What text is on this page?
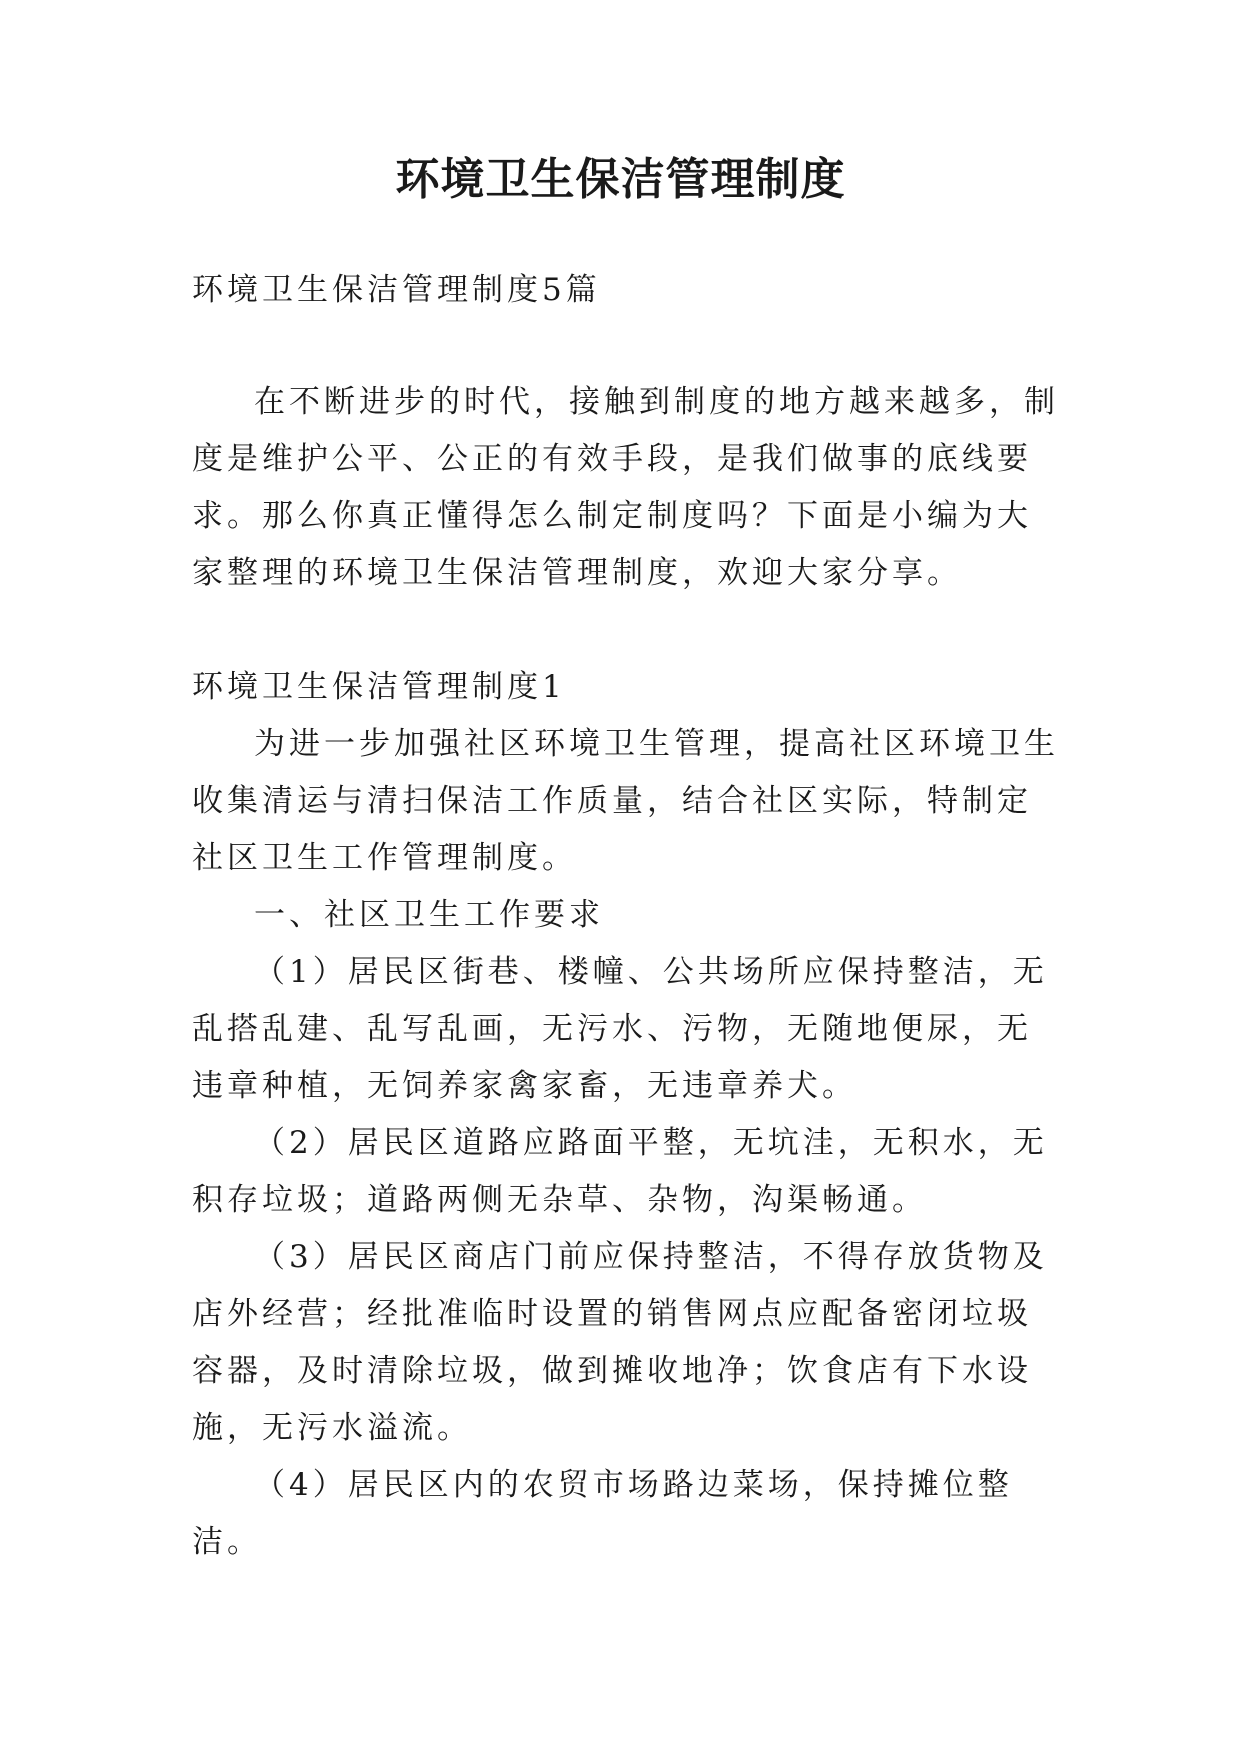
环境卫生保洁管理制度

环境卫生保洁管理制度5篇

在不断进步的时代，接触到制度的地方越来越多，制度是维护公平、公正的有效手段，是我们做事的底线要求。那么你真正懂得怎么制定制度吗？下面是小编为大家整理的环境卫生保洁管理制度，欢迎大家分享。

环境卫生保洁管理制度1

为进一步加强社区环境卫生管理，提高社区环境卫生收集清运与清扫保洁工作质量，结合社区实际，特制定社区卫生工作管理制度。

一、社区卫生工作要求

（1）居民区街巷、楼幢、公共场所应保持整洁，无乱搭乱建、乱写乱画，无污水、污物，无随地便尿，无违章种植，无饲养家禽家畜，无违章养犬。

（2）居民区道路应路面平整，无坑洼，无积水，无积存垃圾；道路两侧无杂草、杂物，沟渠畅通。

（3）居民区商店门前应保持整洁，不得存放货物及店外经营；经批准临时设置的销售网点应配备密闭垃圾容器，及时清除垃圾，做到摊收地净；饮食店有下水设施，无污水溢流。

（4）居民区内的农贸市场路边菜场，保持摊位整洁。
